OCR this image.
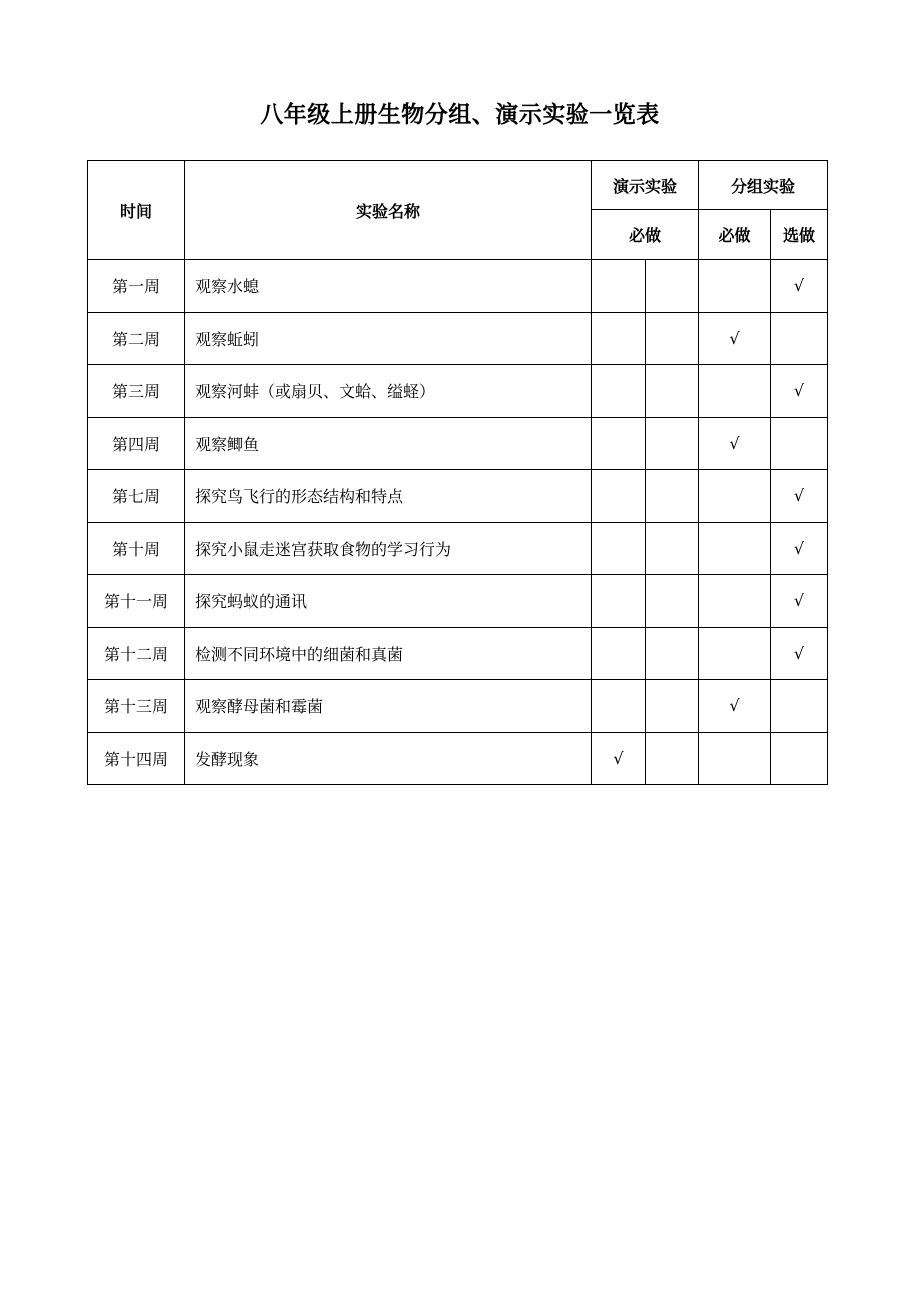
八年级上册生物分组、演示实验一览表
时间	实验名称	演示实验		分组实验	
		必做		必做	选做
第一周	观察水螅				√
第二周	观察蚯蚓			√	
第三周	观察河蚌（或扇贝、文蛤、缢蛏）				√
第四周	观察鲫鱼			√	
第七周	探究鸟飞行的形态结构和特点				√
第十周	探究小鼠走迷宫获取食物的学习行为				√
第十一周	探究蚂蚁的通讯				√
第十二周	检测不同环境中的细菌和真菌				√
第十三周	观察酵母菌和霉菌			√	
第十四周	发酵现象	√			
